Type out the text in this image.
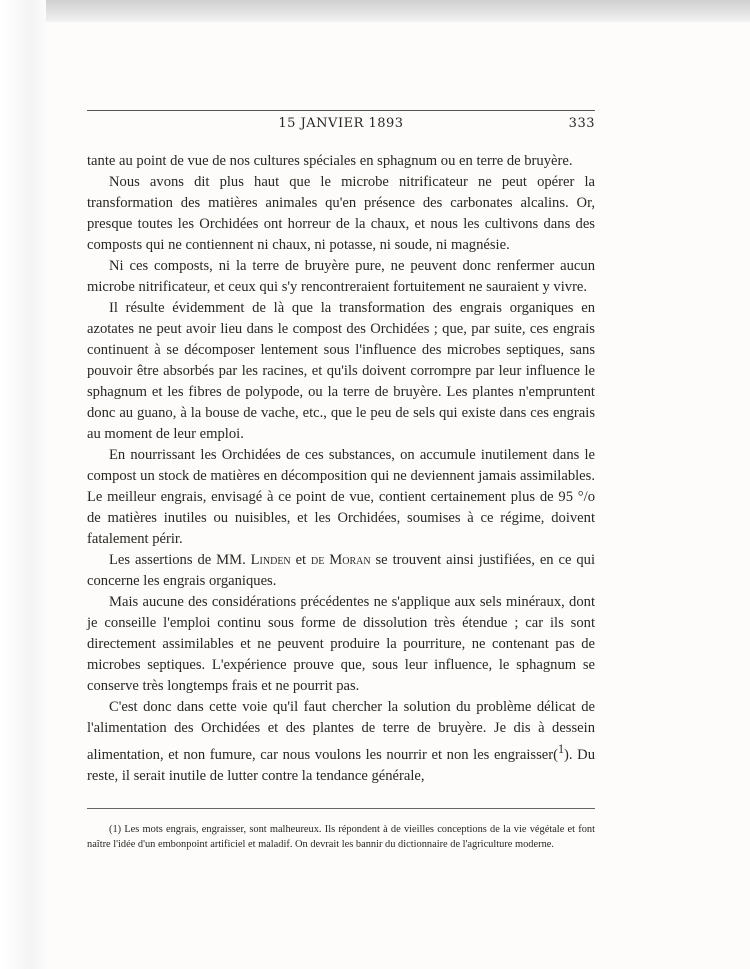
15 JANVIER 1893	333

tante au point de vue de nos cultures spéciales en sphagnum ou en terre de bruyère.

Nous avons dit plus haut que le microbe nitrificateur ne peut opérer la transformation des matières animales qu'en présence des carbonates alcalins. Or, presque toutes les Orchidées ont horreur de la chaux, et nous les cultivons dans des composts qui ne contiennent ni chaux, ni potasse, ni soude, ni magnésie.

Ni ces composts, ni la terre de bruyère pure, ne peuvent donc renfermer aucun microbe nitrificateur, et ceux qui s'y rencontreraient fortuitement ne sauraient y vivre.

Il résulte évidemment de là que la transformation des engrais organiques en azotates ne peut avoir lieu dans le compost des Orchidées ; que, par suite, ces engrais continuent à se décomposer lentement sous l'influence des microbes septiques, sans pouvoir être absorbés par les racines, et qu'ils doivent corrompre par leur influence le sphagnum et les fibres de polypode, ou la terre de bruyère. Les plantes n'empruntent donc au guano, à la bouse de vache, etc., que le peu de sels qui existe dans ces engrais au moment de leur emploi.

En nourrissant les Orchidées de ces substances, on accumule inutilement dans le compost un stock de matières en décomposition qui ne deviennent jamais assimilables. Le meilleur engrais, envisagé à ce point de vue, contient certainement plus de 95 °/o de matières inutiles ou nuisibles, et les Orchidées, soumises à ce régime, doivent fatalement périr.

Les assertions de MM. Linden et de Moran se trouvent ainsi justifiées, en ce qui concerne les engrais organiques.

Mais aucune des considérations précédentes ne s'applique aux sels minéraux, dont je conseille l'emploi continu sous forme de dissolution très étendue ; car ils sont directement assimilables et ne peuvent produire la pourriture, ne contenant pas de microbes septiques. L'expérience prouve que, sous leur influence, le sphagnum se conserve très longtemps frais et ne pourrit pas.

C'est donc dans cette voie qu'il faut chercher la solution du problème délicat de l'alimentation des Orchidées et des plantes de terre de bruyère. Je dis à dessein alimentation, et non fumure, car nous voulons les nourrir et non les engraisser($^1$). Du reste, il serait inutile de lutter contre la tendance générale,

(1) Les mots engrais, engraisser, sont malheureux. Ils répondent à de vieilles conceptions de la vie végétale et font naître l'idée d'un embonpoint artificiel et maladif. On devrait les bannir du dictionnaire de l'agriculture moderne.
